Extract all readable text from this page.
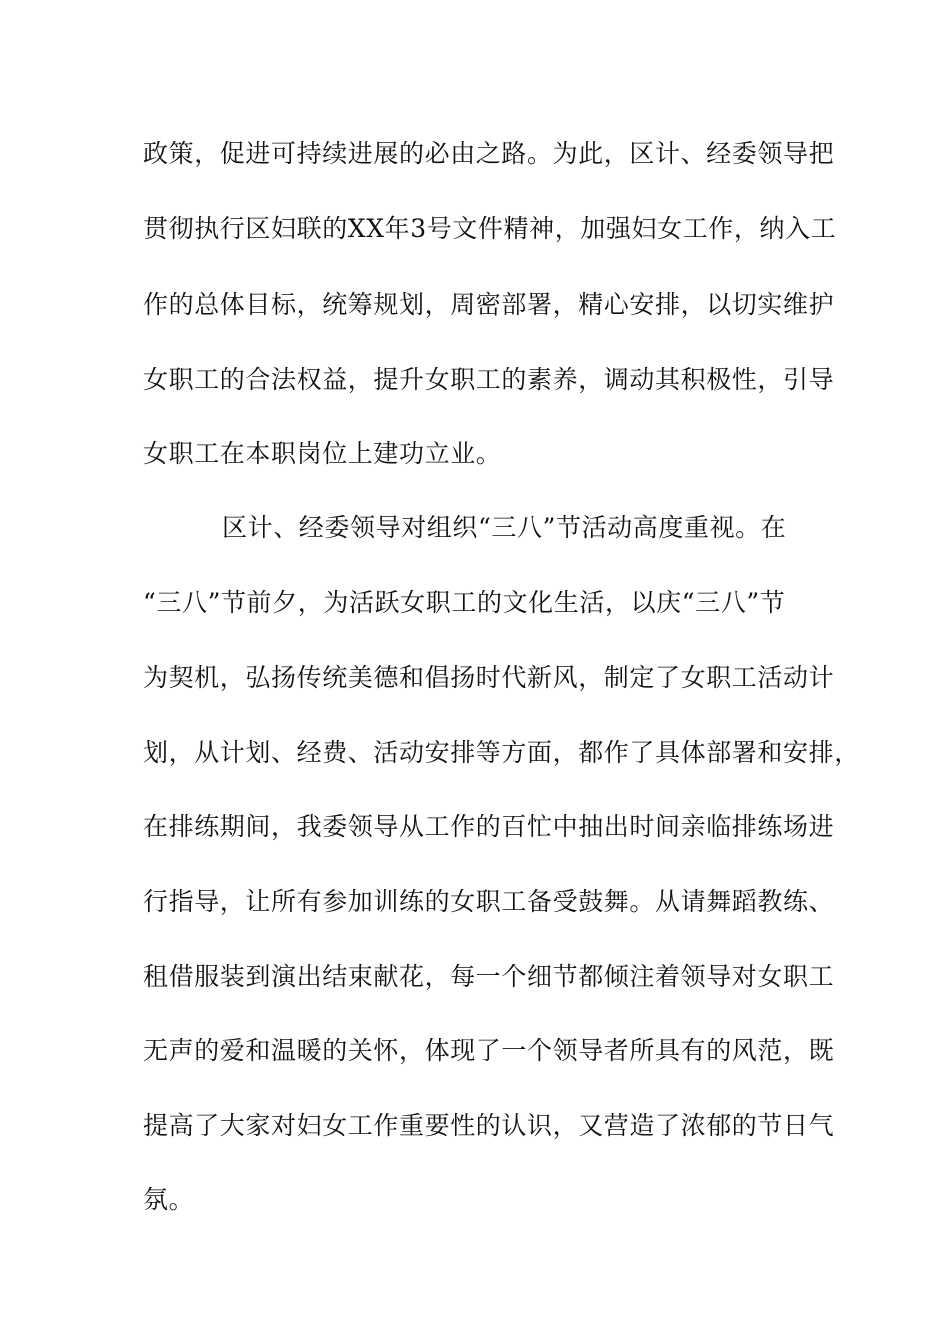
政策，促进可持续进展的必由之路。为此，区计、经委领导把
贯彻执行区妇联的XX年3号文件精神，加强妇女工作，纳入工
作的总体目标，统筹规划，周密部署，精心安排，以切实维护
女职工的合法权益，提升女职工的素养，调动其积极性，引导
女职工在本职岗位上建功立业。
区计、经委领导对组织“三八”节活动高度重视。在
“三八”节前夕，为活跃女职工的文化生活，以庆“三八”节
为契机，弘扬传统美德和倡扬时代新风，制定了女职工活动计
划，从计划、经费、活动安排等方面，都作了具体部署和安排，
在排练期间，我委领导从工作的百忙中抽出时间亲临排练场进
行指导，让所有参加训练的女职工备受鼓舞。从请舞蹈教练、
租借服装到演出结束献花，每一个细节都倾注着领导对女职工
无声的爱和温暖的关怀，体现了一个领导者所具有的风范，既
提高了大家对妇女工作重要性的认识，又营造了浓郁的节日气
氛。
